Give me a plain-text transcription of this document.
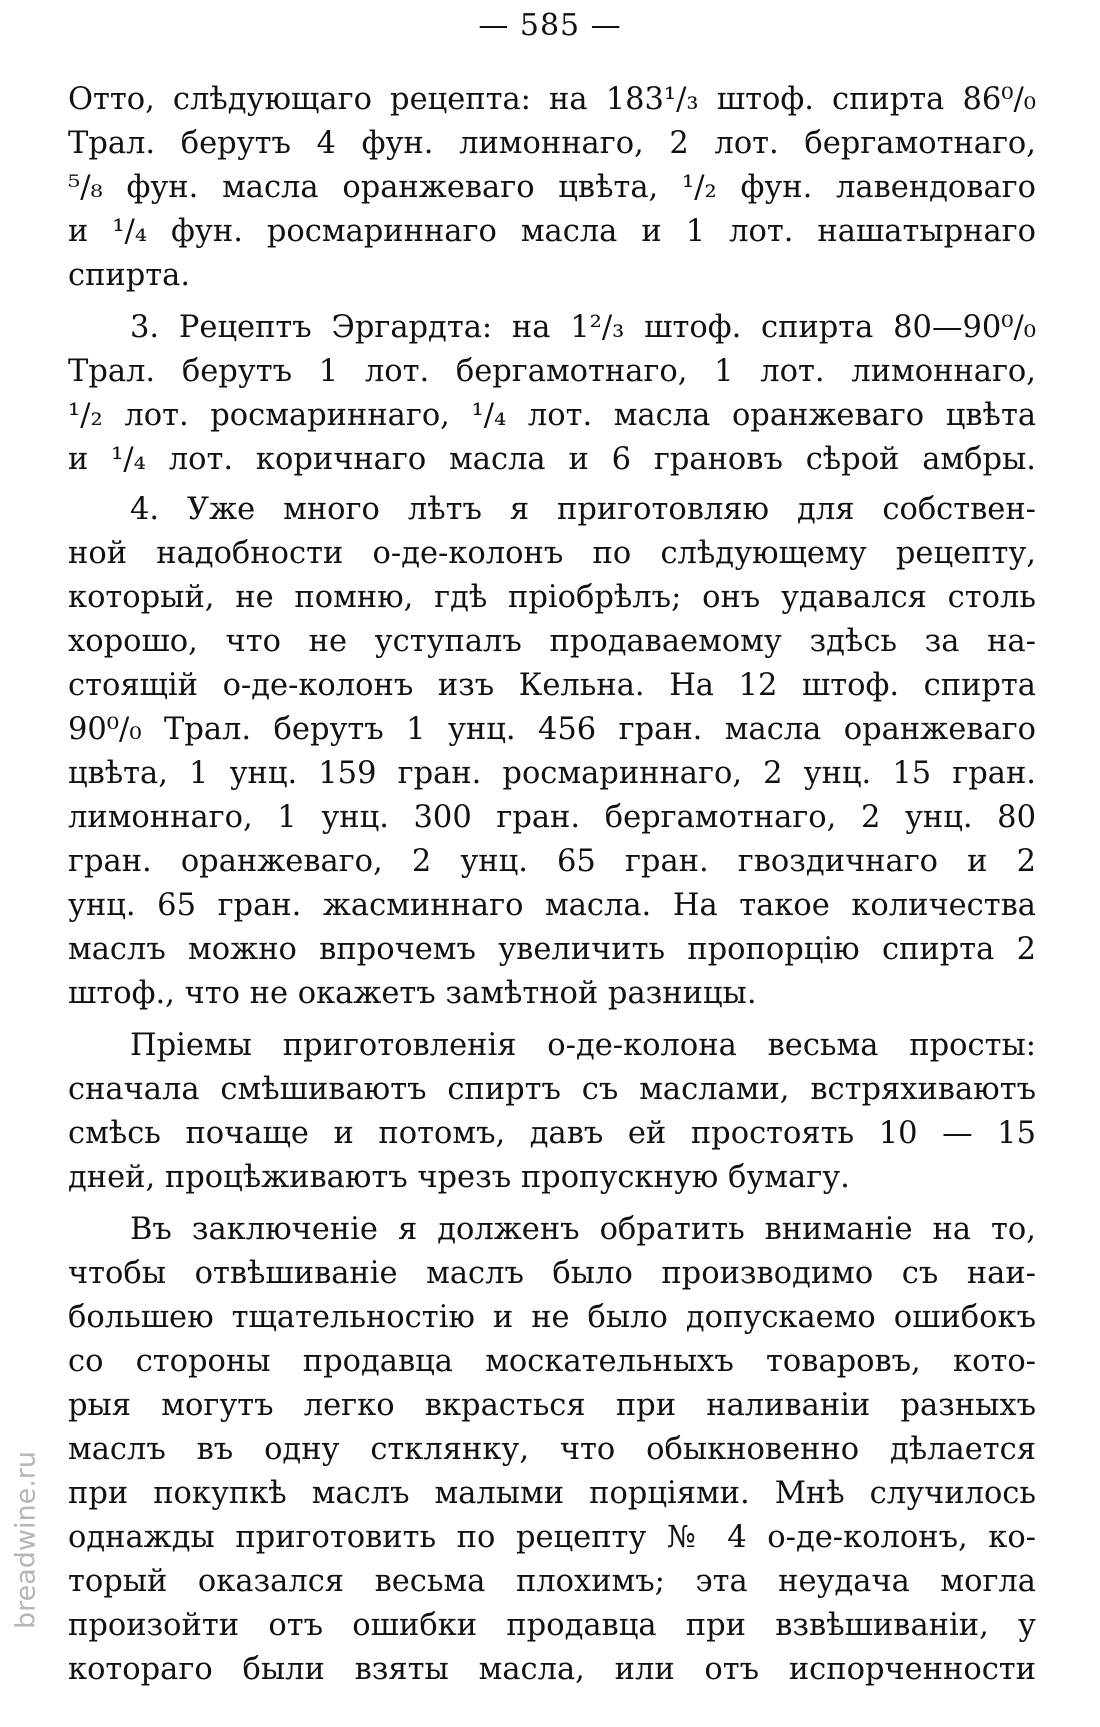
— 585 —
Отто, слѣдующаго рецепта: на 183¹/₃ штоф. спирта 86⁰/₀
Трал. берутъ 4 фун. лимоннаго, 2 лот. бергамотнаго,
⁵/₈ фун. масла оранжеваго цвѣта, ¹/₂ фун. лавендоваго
и ¹/₄ фун. росмариннаго масла и 1 лот. нашатырнаго
спирта.
3. Рецептъ Эргардта: на 1²/₃ штоф. спирта 80—90⁰/₀
Трал. берутъ 1 лот. бергамотнаго, 1 лот. лимоннаго,
¹/₂ лот. росмариннаго, ¹/₄ лот. масла оранжеваго цвѣта
и ¹/₄ лот. коричнаго масла и 6 грановъ сѣрой амбры.
4. Уже много лѣтъ я приготовляю для собствен-
ной надобности о-де-колонъ по слѣдующему рецепту,
который, не помню, гдѣ пріобрѣлъ; онъ удавался столь
хорошо, что не уступалъ продаваемому здѣсь за на-
стоящій о-де-колонъ изъ Кельна. На 12 штоф. спирта
90⁰/₀ Трал. берутъ 1 унц. 456 гран. масла оранжеваго
цвѣта, 1 унц. 159 гран. росмариннаго, 2 унц. 15 гран.
лимоннаго, 1 унц. 300 гран. бергамотнаго, 2 унц. 80
гран. оранжеваго, 2 унц. 65 гран. гвоздичнаго и 2
унц. 65 гран. жасминнаго масла. На такое количества
маслъ можно впрочемъ увеличить пропорцію спирта 2
штоф., что не окажетъ замѣтной разницы.
Пріемы приготовленія о-де-колона весьма просты:
сначала смѣшиваютъ спиртъ съ маслами, встряхиваютъ
смѣсь почаще и потомъ, давъ ей простоять 10 — 15
дней, процѣживаютъ чрезъ пропускную бумагу.
Въ заключеніе я долженъ обратить вниманіе на то,
чтобы отвѣшиваніе маслъ было производимо съ наи-
большею тщательностію и не было допускаемо ошибокъ
со стороны продавца москательныхъ товаровъ, кото-
рыя могутъ легко вкрасться при наливаніи разныхъ
маслъ въ одну стклянку, что обыкновенно дѣлается
при покупкѣ маслъ малыми порціями. Мнѣ случилось
однажды приготовить по рецепту № 4 о-де-колонъ, ко-
торый оказался весьма плохимъ; эта неудача могла
произойти отъ ошибки продавца при взвѣшиваніи, у
котораго были взяты масла, или отъ испорченности
breadwine.ru
